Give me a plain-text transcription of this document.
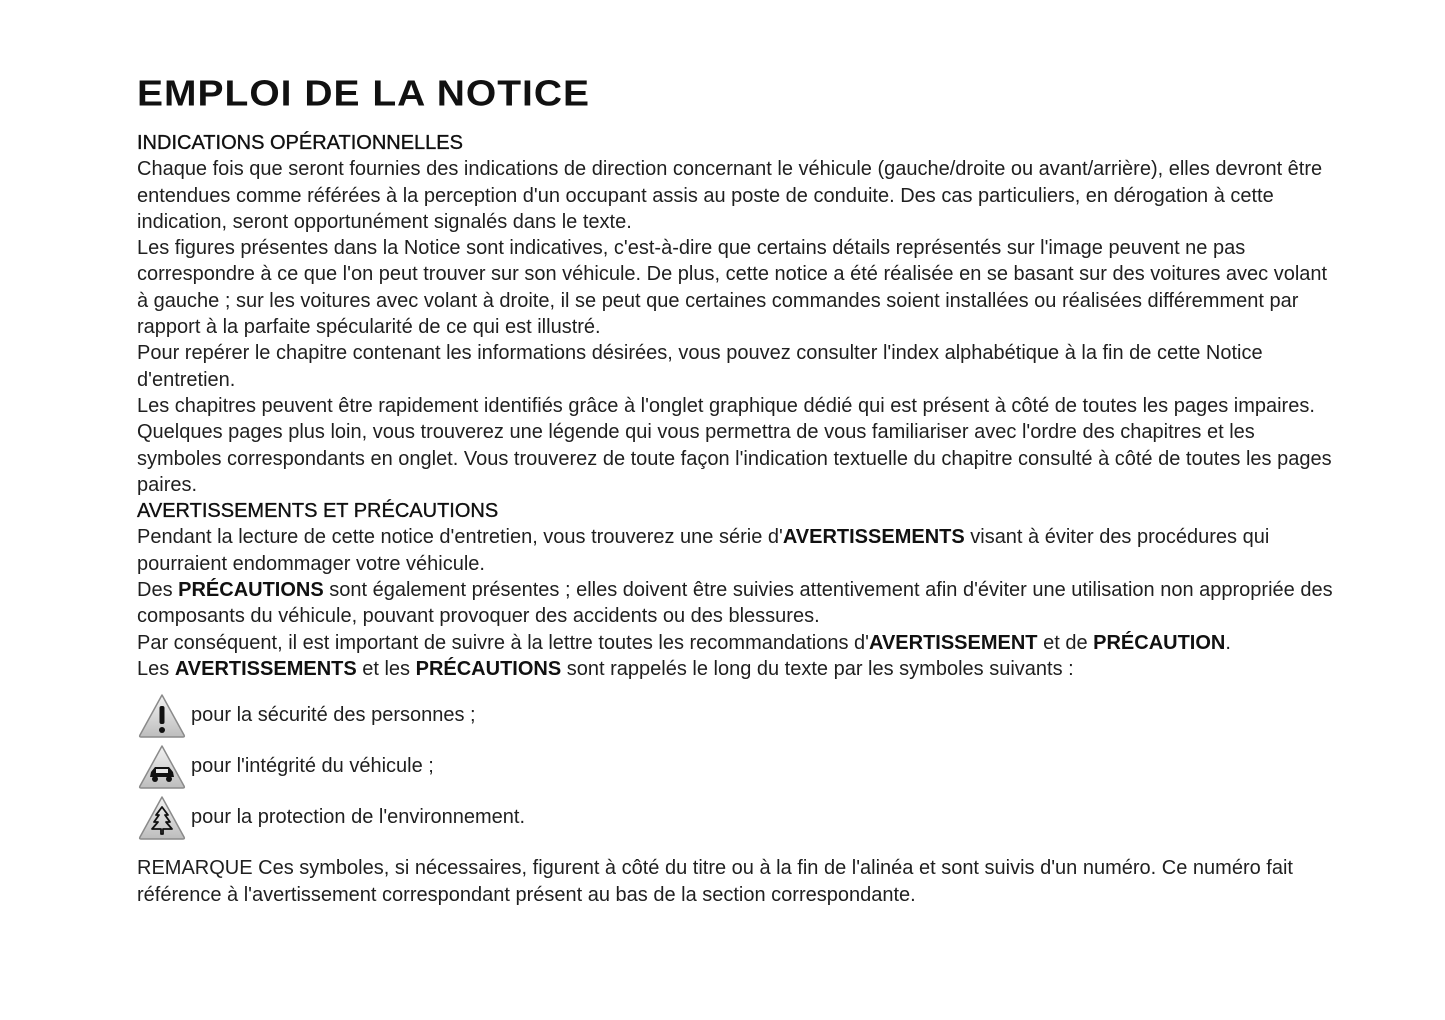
EMPLOI DE LA NOTICE
INDICATIONS OPÉRATIONNELLES

Chaque fois que seront fournies des indications de direction concernant le véhicule (gauche/droite ou avant/arrière), elles devront être entendues comme référées à la perception d'un occupant assis au poste de conduite. Des cas particuliers, en dérogation à cette indication, seront opportunément signalés dans le texte.

Les figures présentes dans la Notice sont indicatives, c'est-à-dire que certains détails représentés sur l'image peuvent ne pas correspondre à ce que l'on peut trouver sur son véhicule. De plus, cette notice a été réalisée en se basant sur des voitures avec volant à gauche ; sur les voitures avec volant à droite, il se peut que certaines commandes soient installées ou réalisées différemment par rapport à la parfaite spécularité de ce qui est illustré.

Pour repérer le chapitre contenant les informations désirées, vous pouvez consulter l'index alphabétique à la fin de cette Notice d'entretien.

Les chapitres peuvent être rapidement identifiés grâce à l'onglet graphique dédié qui est présent à côté de toutes les pages impaires. Quelques pages plus loin, vous trouverez une légende qui vous permettra de vous familiariser avec l'ordre des chapitres et les symboles correspondants en onglet. Vous trouverez de toute façon l'indication textuelle du chapitre consulté à côté de toutes les pages paires.

AVERTISSEMENTS ET PRÉCAUTIONS

Pendant la lecture de cette notice d'entretien, vous trouverez une série d'AVERTISSEMENTS visant à éviter des procédures qui pourraient endommager votre véhicule.

Des PRÉCAUTIONS sont également présentes ; elles doivent être suivies attentivement afin d'éviter une utilisation non appropriée des composants du véhicule, pouvant provoquer des accidents ou des blessures.

Par conséquent, il est important de suivre à la lettre toutes les recommandations d'AVERTISSEMENT et de PRÉCAUTION.

Les AVERTISSEMENTS et les PRÉCAUTIONS sont rappelés le long du texte par les symboles suivants :

pour la sécurité des personnes ;
pour l'intégrité du véhicule ;
pour la protection de l'environnement.

REMARQUE Ces symboles, si nécessaires, figurent à côté du titre ou à la fin de l'alinéa et sont suivis d'un numéro. Ce numéro fait référence à l'avertissement correspondant présent au bas de la section correspondante.
